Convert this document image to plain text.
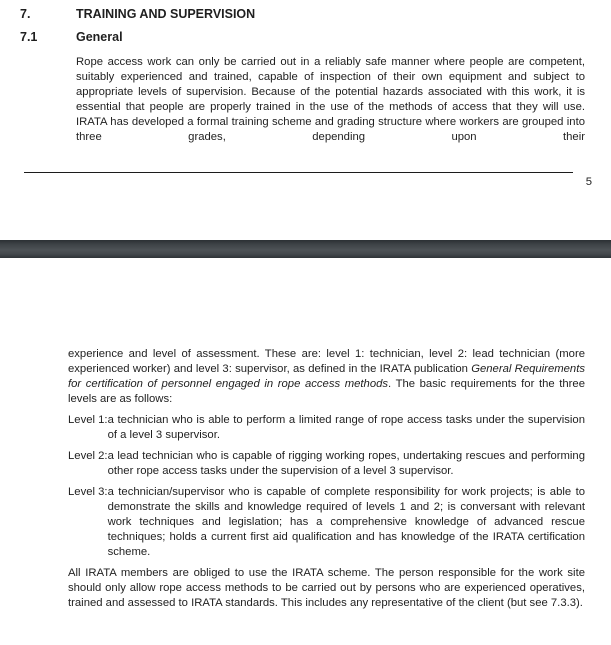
7.	TRAINING AND SUPERVISION
7.1	General

Rope access work can only be carried out in a reliably safe manner where people are competent, suitably experienced and trained, capable of inspection of their own equipment and subject to appropriate levels of supervision. Because of the potential hazards associated with this work, it is essential that people are properly trained in the use of the methods of access that they will use. IRATA has developed a formal training scheme and grading structure where workers are grouped into three grades, depending upon their

5

experience and level of assessment. These are: level 1: technician, level 2: lead technician (more experienced worker) and level 3: supervisor, as defined in the IRATA publication General Requirements for certification of personnel engaged in rope access methods. The basic requirements for the three levels are as follows:

Level 1: a technician who is able to perform a limited range of rope access tasks under the supervision of a level 3 supervisor.
Level 2: a lead technician who is capable of rigging working ropes, undertaking rescues and performing other rope access tasks under the supervision of a level 3 supervisor.
Level 3: a technician/supervisor who is capable of complete responsibility for work projects; is able to demonstrate the skills and knowledge required of levels 1 and 2; is conversant with relevant work techniques and legislation; has a comprehensive knowledge of advanced rescue techniques; holds a current first aid qualification and has knowledge of the IRATA certification scheme.

All IRATA members are obliged to use the IRATA scheme. The person responsible for the work site should only allow rope access methods to be carried out by persons who are experienced operatives, trained and assessed to IRATA standards. This includes any representative of the client (but see 7.3.3).
